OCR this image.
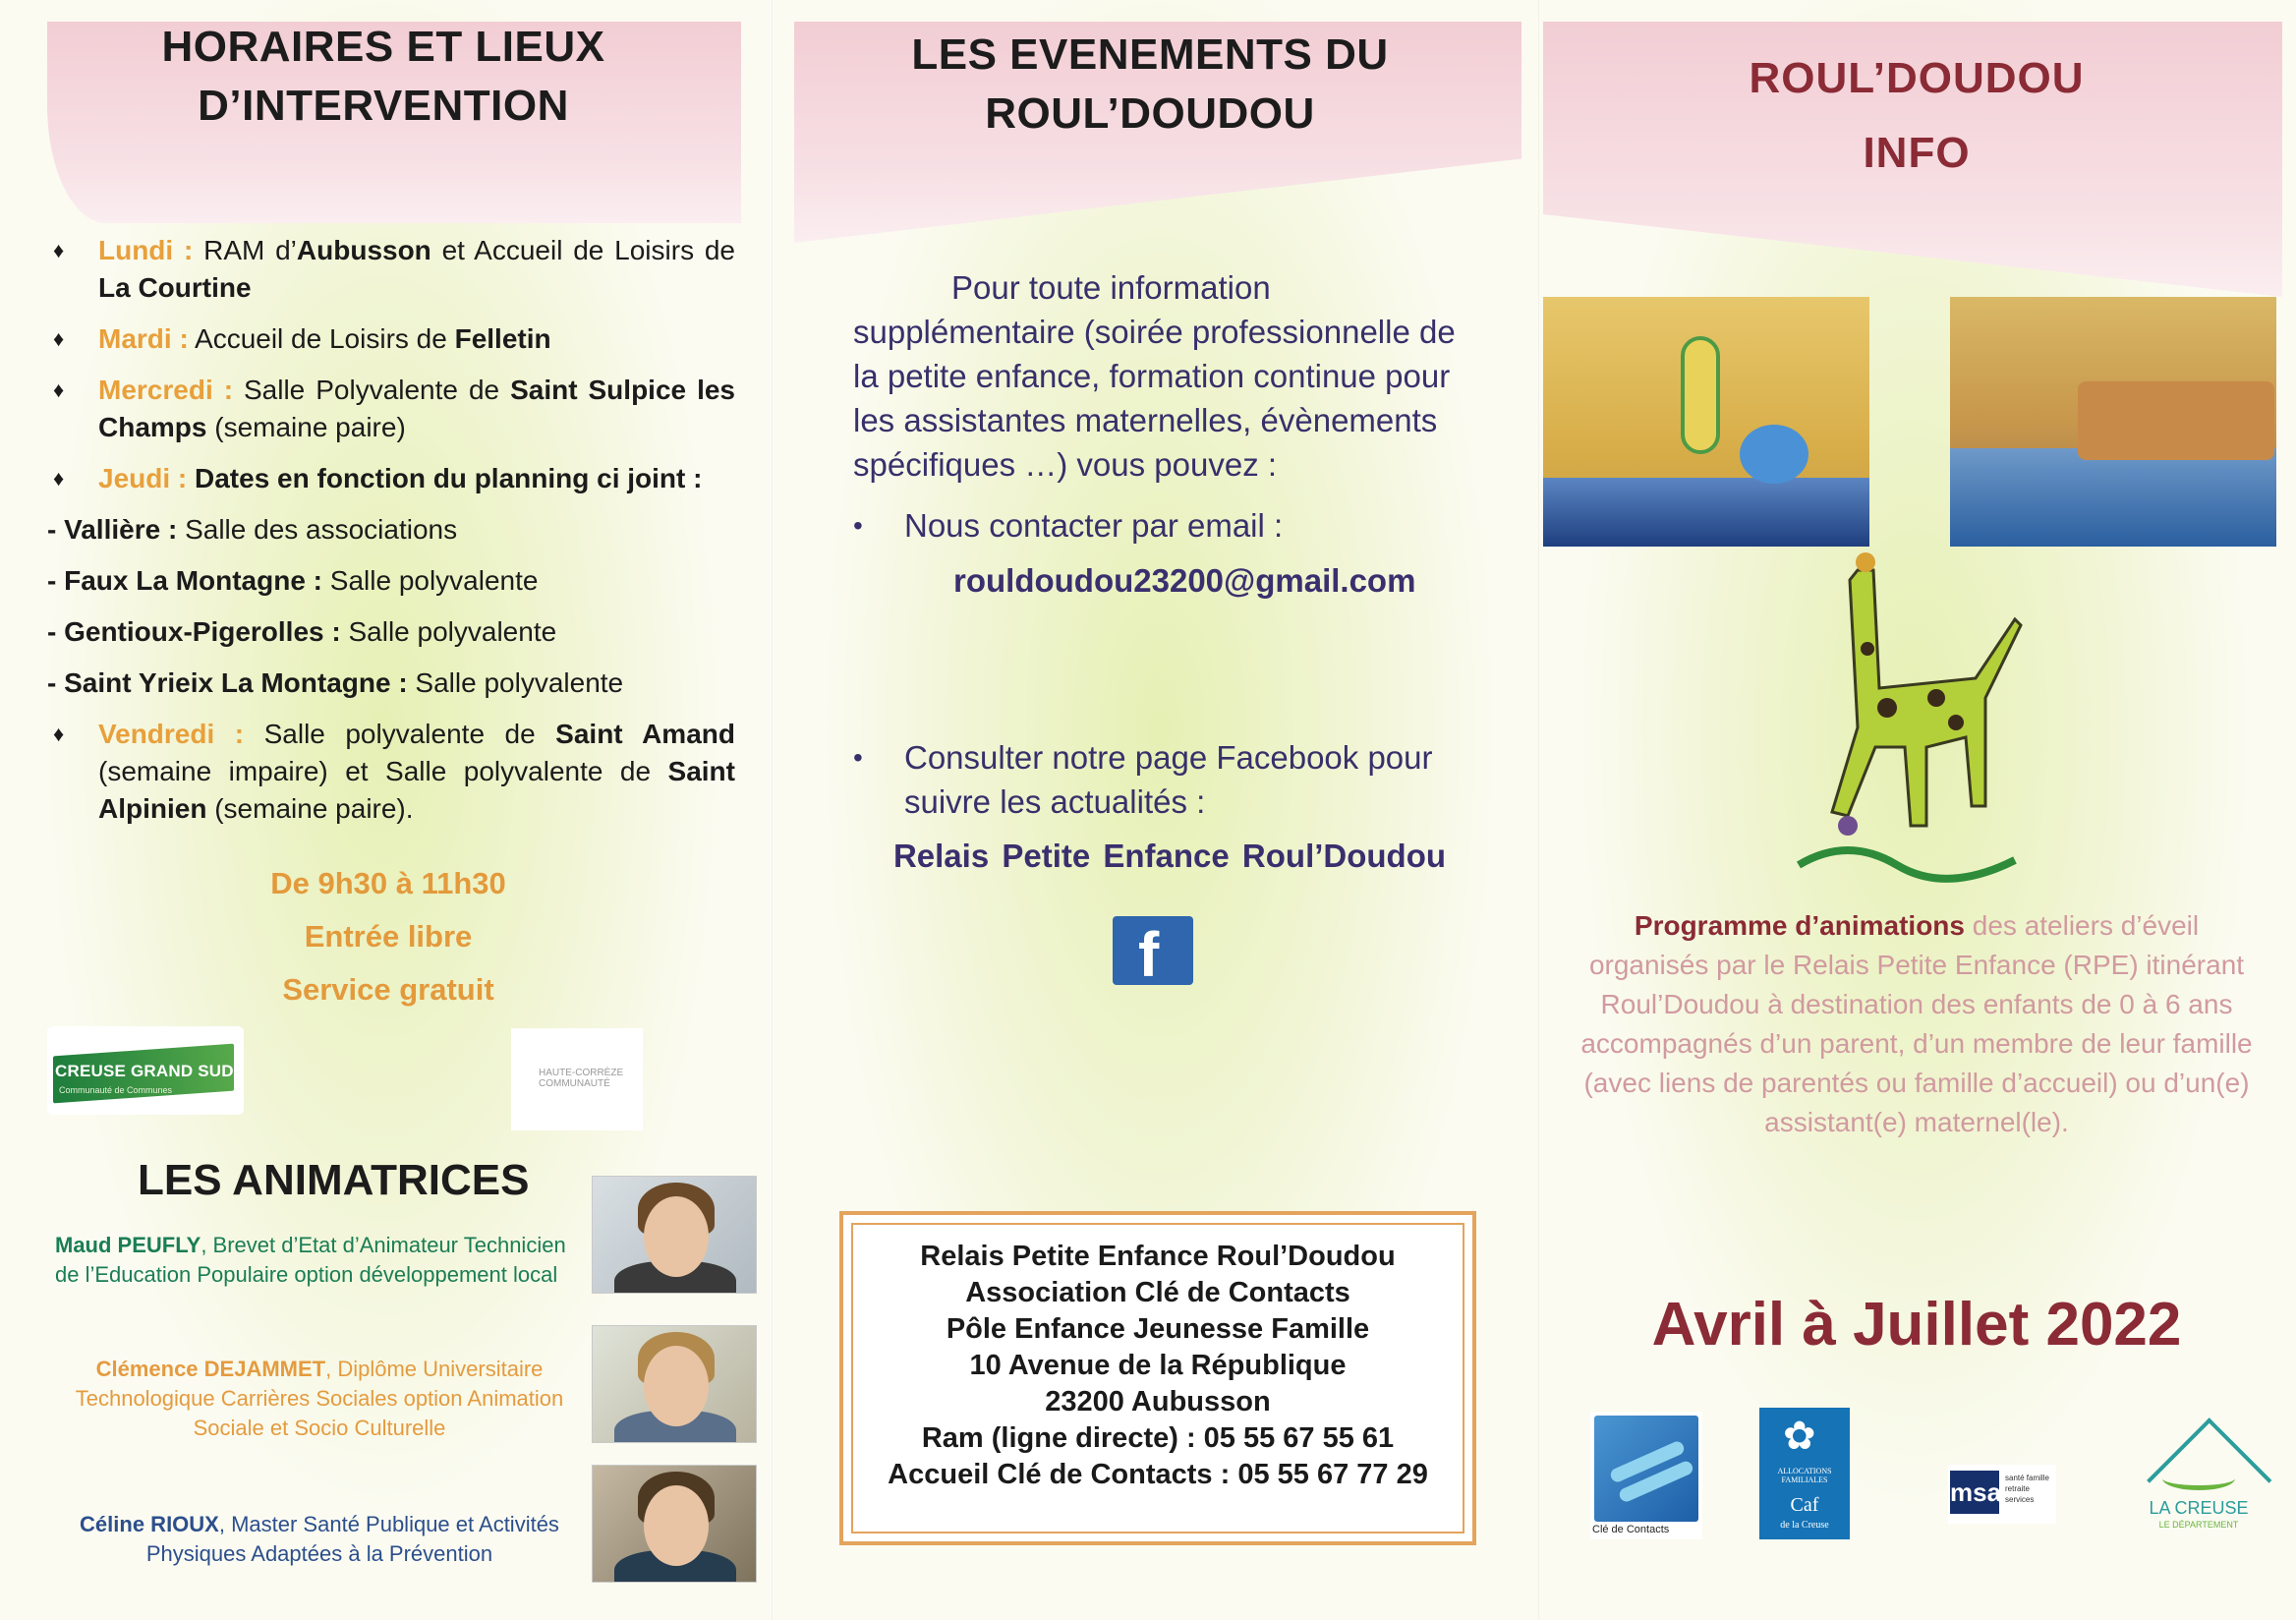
HORAIRES ET LIEUX
D’INTERVENTION

♦ Lundi : RAM d’Aubusson et Accueil de Loisirs de La Courtine

♦ Mardi : Accueil de Loisirs de Felletin

♦ Mercredi : Salle Polyvalente de Saint Sulpice les Champs (semaine paire)

♦ Jeudi : Dates en fonction du planning ci joint :

- Vallière : Salle des associations

- Faux La Montagne : Salle polyvalente

- Gentioux-Pigerolles : Salle polyvalente

- Saint Yrieix La Montagne : Salle polyvalente

♦ Vendredi : Salle polyvalente de Saint Amand (semaine impaire) et Salle polyvalente de Saint Alpinien (semaine paire).

De 9h30 à 11h30
Entrée libre
Service gratuit
CREUSE GRAND SUD
Communauté de Communes
HAUTE-CORRÈZE COMMUNAUTÉ
LES ANIMATRICES
Maud PEUFLY, Brevet d’Etat d’Animateur Technicien de l’Education Populaire option développement local
Clémence DEJAMMET, Diplôme Universitaire Technologique Carrières Sociales option Animation Sociale et Socio Culturelle
Céline RIOUX, Master Santé Publique et Activités Physiques Adaptées à la Prévention
LES EVENEMENTS DU
ROUL’DOUDOU

Pour toute information supplémentaire (soirée professionnelle de la petite enfance, formation continue pour les assistantes maternelles, évènements spécifiques …) vous pouvez :

• Nous contacter par email :

rouldoudou23200@gmail.com

• Consulter notre page Facebook pour suivre les actualités :

Relais Petite Enfance Roul’Doudou

f
Relais Petite Enfance Roul’Doudou
Association Clé de Contacts
Pôle Enfance Jeunesse Famille
10 Avenue de la République
23200 Aubusson
Ram (ligne directe) : 05 55 67 55 61
Accueil Clé de Contacts : 05 55 67 77 29
ROUL’DOUDOU
INFO

Programme d’animations des ateliers d’éveil organisés par le Relais Petite Enfance (RPE) itinérant Roul’Doudou à destination des enfants de 0 à 6 ans accompagnés d’un parent, d’un membre de leur famille (avec liens de parentés ou famille d’accueil) ou d’un(e) assistant(e) maternel(le).

Avril à Juillet 2022
Clé de Contacts
✿
ALLOCATIONS FAMILIALES
Caf
de la Creuse
msa santé famille retraite services	LA CREUSE
LE DÉPARTEMENT
